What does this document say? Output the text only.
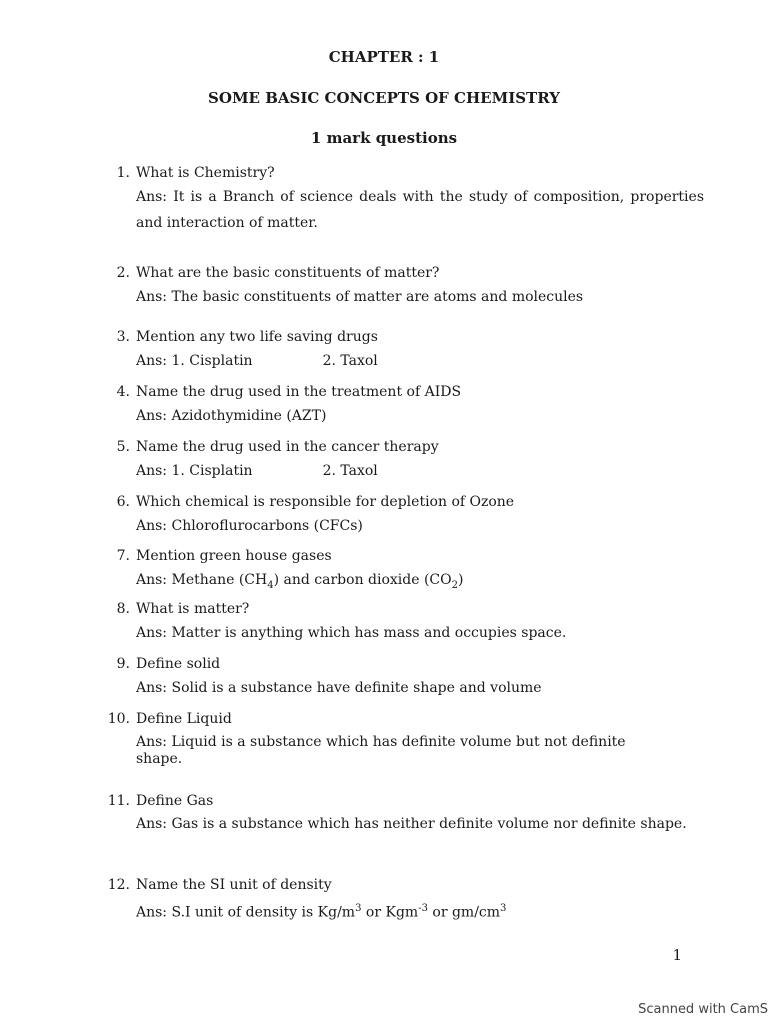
CHAPTER : 1
SOME BASIC CONCEPTS OF CHEMISTRY
1 mark questions
1. What is Chemistry?
Ans: It is a Branch of science deals with the study of composition, properties and interaction of matter.
2. What are the basic constituents of matter?
Ans: The basic constituents of matter are atoms and molecules
3. Mention any two life saving drugs
Ans: 1. Cisplatin	2. Taxol
4. Name the drug used in the treatment of AIDS
Ans: Azidothymidine (AZT)
5. Name the drug used in the cancer therapy
Ans: 1. Cisplatin	2. Taxol
6. Which chemical is responsible for depletion of Ozone
Ans: Chloroflurocarbons (CFCs)
7. Mention green house gases
Ans: Methane $(CH_4)$ and carbon dioxide $(CO_2)$
8. What is matter?
Ans: Matter is anything which has mass and occupies space.
9. Define solid
Ans: Solid is a substance have definite shape and volume
10. Define Liquid
Ans: Liquid is a substance which has definite volume but not definite shape.
11. Define Gas
Ans: Gas is a substance which has neither definite volume nor definite shape.
12. Name the SI unit of density
Ans: S.I unit of density is $Kg/m^3$ or Kgm$^{-3}$ or $gm/cm^3$
1
Scanned with CamS
